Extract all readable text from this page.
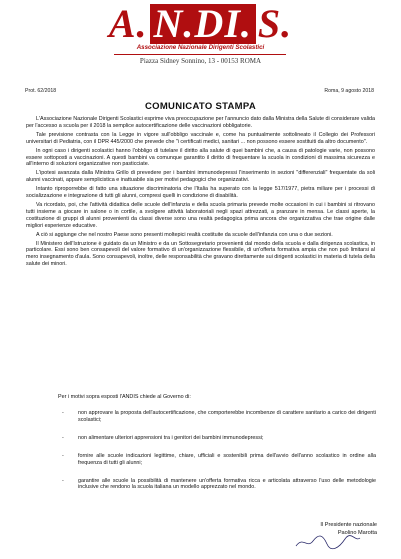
A. N.DI. S.
Associazione Nazionale Dirigenti Scolastici
Piazza Sidney Sonnino, 13 - 00153 ROMA
Prot. 62/2018	Roma, 9 agosto 2018
COMUNICATO STAMPA

L'Associazione Nazionale Dirigenti Scolastici esprime viva preoccupazione per l'annuncio dato dalla Ministra della Salute di considerare valida per l'accesso a scuola per il 2018 la semplice autocertificazione delle vaccinazioni obbligatorie.

Tale previsione contrasta con la Legge in vigore sull'obbligo vaccinale e, come ha puntualmente sottolineato il Collegio dei Professori universitari di Pediatria, con il DPR 445/2000 che prevede che "i certificati medici, sanitari ... non possono essere sostituiti da altro documento".

In ogni caso i dirigenti scolastici hanno l'obbligo di tutelare il diritto alla salute di quei bambini che, a causa di patologie varie, non possono essere sottoposti a vaccinazioni. A questi bambini va comunque garantito il diritto di frequentare la scuola in condizioni di massima sicurezza e all'interno di soluzioni organizzative non pasticciate.

L'ipotesi avanzata dalla Ministra Grillo di prevedere per i bambini immunodepressi l'inserimento in sezioni "differenziali" frequentate da soli alunni vaccinati, appare semplicistica e inattuabile sia per motivi pedagogici che organizzativi.

Intanto riproporrebbe di fatto una situazione discriminatoria che l'Italia ha superato con la legge 517/1977, pietra miliare per i processi di socializzazione e integrazione di tutti gli alunni, compresi quelli in condizione di disabilità.

Va ricordato, poi, che l'attività didattica delle scuole dell'infanzia e della scuola primaria prevede molte occasioni in cui i bambini si ritrovano tutti insieme a giocare in salone o in cortile, a svolgere attività laboratoriali negli spazi attrezzati, a pranzare in mensa. Le classi aperte, la costituzione di gruppi di alunni provenienti da classi diverse sono una realtà pedagogica prima ancora che organizzativa che trae origine dalle migliori esperienze educative.

A ciò si aggiunge che nel nostro Paese sono presenti moltepici realtà costituite da scuole dell'infanzia con una o due sezioni.

Il Ministero dell'Istruzione è guidato da un Ministro e da un Sottosegretario provenienti dal mondo della scuola e dalla dirigenza scolastica, in particolare. Essi sono ben consapevoli del valore formativo di un'organizzazione flessibile, di un'offerta formativa ampia che non può limitarsi al mero insegnamento d'aula. Sono consapevoli, inoltre, delle responsabilità che gravano direttamente sui dirigenti scolastici in materia di tutela della salute dei minori.

Per i motivi sopra esposti l'ANDIS chiede al Governo di:
-	non approvare la proposta dell'autocertificazione, che comporterebbe incombenze di carattere sanitario a carico dei dirigenti scolastici;
-	non alimentare ulteriori apprensioni tra i genitori dei bambini immunodepressi;
-	fornire alle scuole indicazioni legittime, chiare, ufficiali e sostenibili prima dell'avvio dell'anno scolastico in ordine alla frequenza di tutti gli alunni;
-	garantire alle scuole la possibilità di mantenere un'offerta formativa ricca e articolata attraverso l'uso delle metodologie inclusive che rendono la scuola italiana un modello apprezzato nel mondo.
Il Presidente nazionale
Paolino Marotta
